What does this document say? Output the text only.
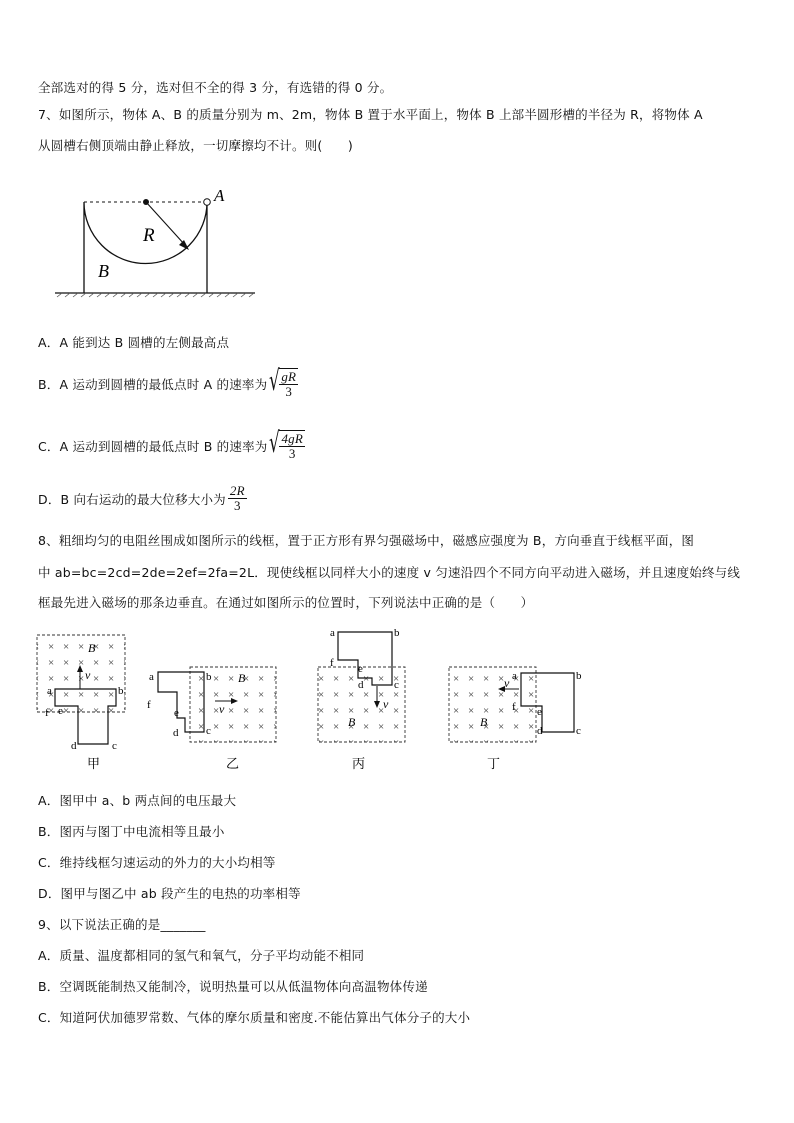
全部选对的得 5 分，选对但不全的得 3 分，有选错的得 0 分。
7、如图所示，物体 A、B 的质量分别为 m、2m，物体 B 置于水平面上，物体 B 上部半圆形槽的半径为 R，将物体 A
从圆槽右侧顶端由静止释放，一切摩擦均不计。则(　　)
A
R
B
A．A 能到达 B 圆槽的左侧最高点
B．A 运动到圆槽的最低点时 A 的速率为 √ $\frac{gR}{3}$
C．A 运动到圆槽的最低点时 B 的速率为 √ $\frac{4gR}{3}$
D．B 向右运动的最大位移大小为 $\frac{2R}{3}$
8、粗细均匀的电阻丝围成如图所示的线框，置于正方形有界匀强磁场中，磁感应强度为 B，方向垂直于线框平面，图
中 ab=bc=2cd=2de=2ef=2fa=2L．现使线框以同样大小的速度 v 匀速沿四个不同方向平动进入磁场，并且速度始终与线
框最先进入磁场的那条边垂直。在通过如图所示的位置时，下列说法中正确的是（　　）
v
B
a	b
f e
d	c
甲
v
B
a	b
f
e
d	c
乙
v
B
a	b
f e
d	c
丙
v
B
a	b
f e
d	c
丁
A．图甲中 a、b 两点间的电压最大
B．图丙与图丁中电流相等且最小
C．维持线框匀速运动的外力的大小均相等
D．图甲与图乙中 ab 段产生的电热的功率相等
9、以下说法正确的是_______
A．质量、温度都相同的氢气和氧气，分子平均动能不相同
B．空调既能制热又能制冷，说明热量可以从低温物体向高温物体传递
C．知道阿伏加德罗常数、气体的摩尔质量和密度.不能估算出气体分子的大小
